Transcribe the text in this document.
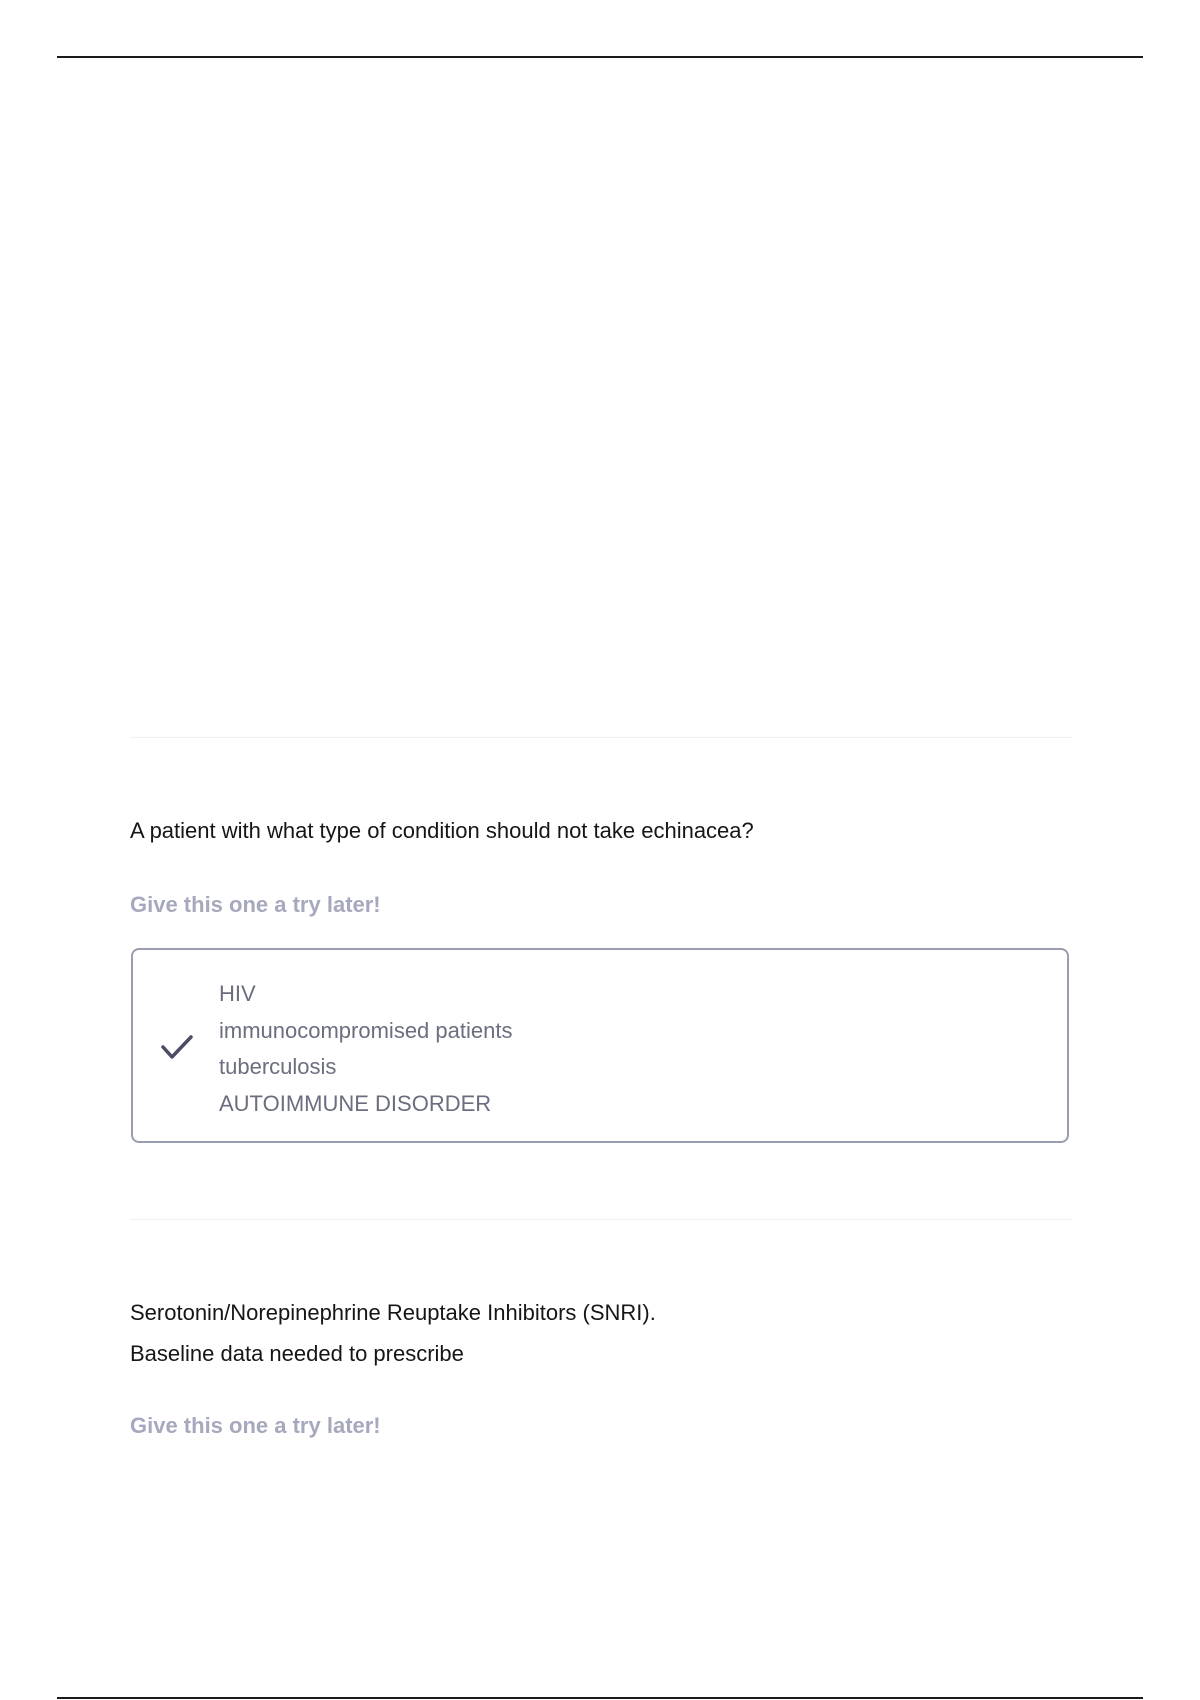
A patient with what type of condition should not take echinacea?

Give this one a try later!
HIV
immunocompromised patients
tuberculosis
AUTOIMMUNE DISORDER

Serotonin/Norepinephrine Reuptake Inhibitors (SNRI).
Baseline data needed to prescribe

Give this one a try later!
